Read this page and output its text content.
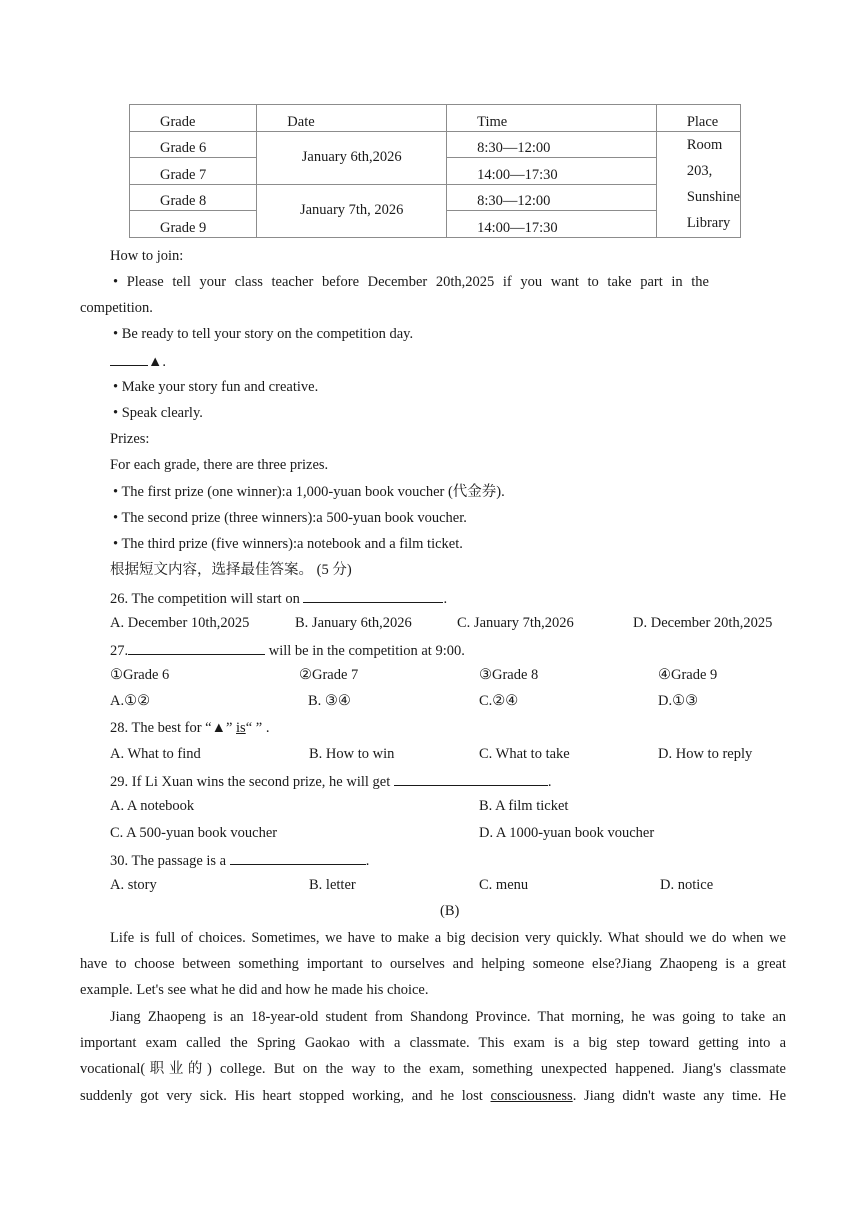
Grade	Date	Time	Place
Grade 6	January 6th,2026	8:30—12:00	Room 203,
Sunshine Library

Grade 7		14:00—17:30	
Grade 8	January 7th, 2026	8:30—12:00	
Grade 9		14:00—17:30	
How to join:
• Please tell your class teacher before December 20th,2025 if you want to take part in the
competition.
• Be ready to tell your story on the competition day.
▲.
• Make your story fun and creative.
• Speak clearly.
Prizes:
For each grade, there are three prizes.
• The first prize (one winner):a 1,000-yuan book voucher (代金券).
• The second prize (three winners):a 500-yuan book voucher.
• The third prize (five winners):a notebook and a film ticket.
根据短文内容，选择最佳答案。 (5 分)
26. The competition will start on	.
A. December 10th,2025	B. January 6th,2026	C. January 7th,2026	D. December 20th,2025
27.	will be in the competition at 9:00.
①Grade 6	②Grade 7	③Grade 8	④Grade 9
A.①②	B. ③④	C.②④	D.①③
28. The best for “▲” is“ ” .
A. What to find	B. How to win	C. What to take	D. How to reply
29. If Li Xuan wins the second prize, he will get	.
A. A notebook	B. A film ticket
C. A 500-yuan book voucher	D. A 1000-yuan book voucher
30. The passage is a	.
A. story	B. letter	C. menu	D. notice
(B)
Life is full of choices. Sometimes, we have to make a big decision very quickly. What should we do when we
have to choose between something important to ourselves and helping someone else?Jiang Zhaopeng is a great
example. Let's see what he did and how he made his choice.
Jiang Zhaopeng is an 18-year-old student from Shandong Province. That morning, he was going to take an
important exam called the Spring Gaokao with a classmate. This exam is a big step toward getting into a
vocational(职业的) college. But on the way to the exam, something unexpected happened. Jiang's classmate
suddenly got very sick. His heart stopped working, and he lost consciousness. Jiang didn't waste any time. He
